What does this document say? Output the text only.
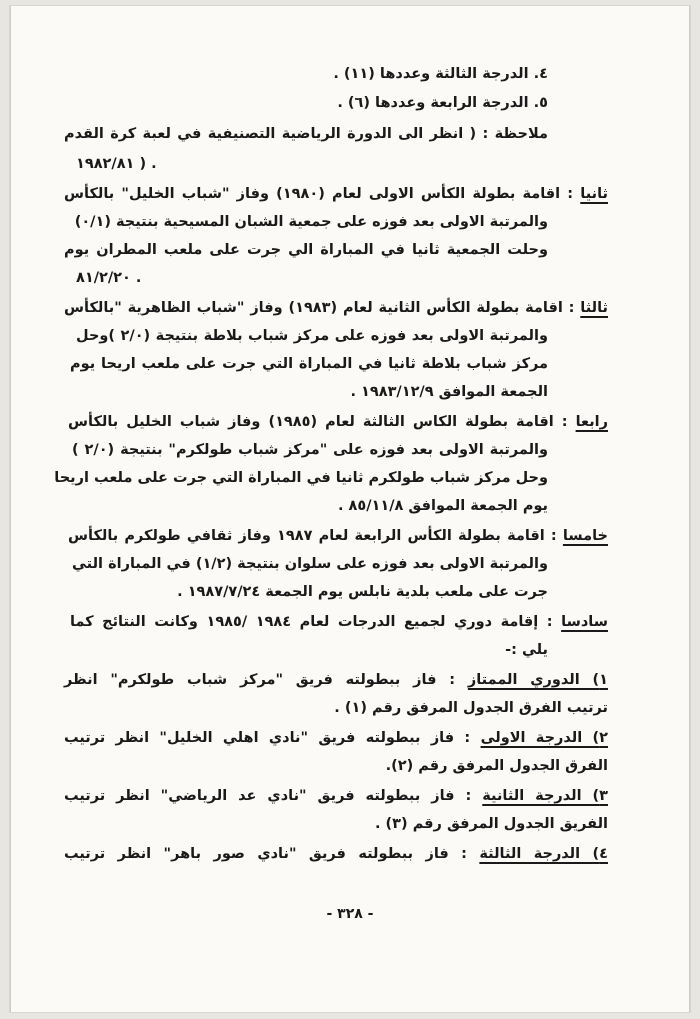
٤. الدرجة الثالثة وعددها (١١) .
٥. الدرجة الرابعة وعددها (٦) .
ملاحظة : ( انظر الى الدورة الرياضية التصنيفية في لعبة كرة القدم
١٩٨٢/٨١ ) .
ثانيا : اقامة بطولة الكأس الاولى لعام (١٩٨٠) وفاز "شباب الخليل" بالكأس
والمرتبة الاولى بعد فوزه على جمعية الشبان المسيحية بنتيجة (٠/١)
وحلت الجمعية ثانيا في المباراة الي جرت على ملعب المطران يوم
٨١/٢/٢٠ .
ثالثا : اقامة بطولة الكأس الثانية لعام (١٩٨٣) وفاز "شباب الظاهرية "بالكأس
والمرتبة الاولى بعد فوزه على مركز شباب بلاطة بنتيجة (٢/٠ )وحل
مركز شباب بلاطة ثانيا في المباراة التي جرت على ملعب اريحا يوم
الجمعة الموافق ١٩٨٣/١٢/٩ .
رابعا : اقامة بطولة الكاس الثالثة لعام (١٩٨٥) وفاز شباب الخليل بالكأس
والمرتبة الاولى بعد فوزه على "مركز شباب طولكرم" بنتيجة (٢/٠ )
وحل مركز شباب طولكرم ثانيا في المباراة التي جرت على ملعب اريحا
يوم الجمعة الموافق ٨٥/١١/٨ .
خامسا : اقامة بطولة الكأس الرابعة لعام ١٩٨٧ وفاز ثقافي طولكرم بالكأس
والمرتبة الاولى بعد فوزه على سلوان بنتيجة (١/٢) في المباراة التي
جرت على ملعب بلدية نابلس يوم الجمعة ١٩٨٧/٧/٢٤ .
سادسا : إقامة دوري لجميع الدرجات لعام ١٩٨٤ /١٩٨٥ وكانت النتائج كما
يلي :-
١) الدوري الممتاز : فاز ببطولته فريق "مركز شباب طولكرم" انظر
ترتيب الفرق الجدول المرفق رقم (١) .
٢) الدرجة الاولى : فاز ببطولته فريق "نادي اهلي الخليل" انظر ترتيب
الفرق الجدول المرفق رقم (٢).
٣) الدرجة الثانية : فاز ببطولته فريق "نادي عد الرياضي" انظر ترتيب
الفريق الجدول المرفق رقم (٣) .
٤) الدرجة الثالثة : فاز ببطولته فريق "نادي صور باهر" انظر ترتيب
- ٣٢٨ -
